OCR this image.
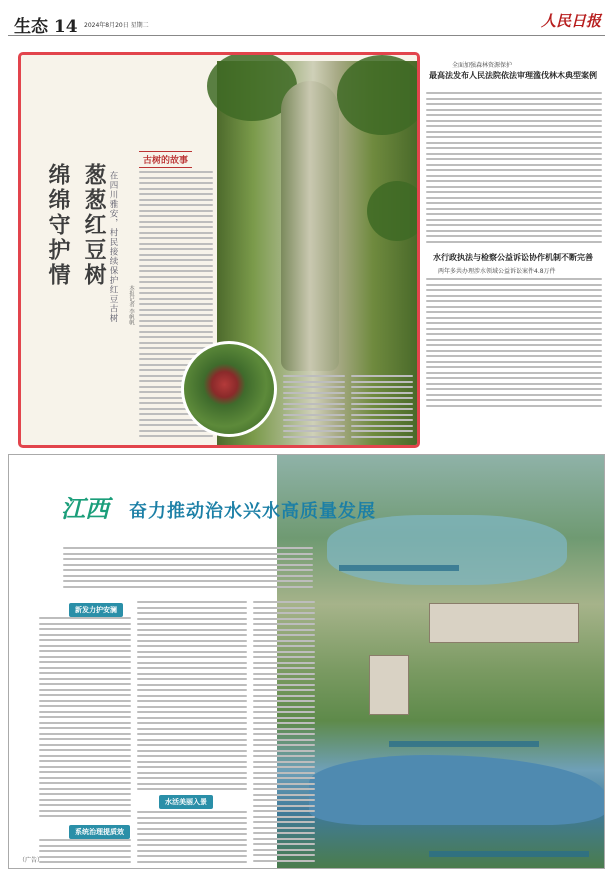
生态 14 2024年8月20日 星期二	人民日报
葱葱红豆树
绵绵守护情	在四川雅安，村民接续保护红豆古树 本报记者 李帆帆
古树的故事
全面加强森林资源保护
最高法发布人民法院依法审理滥伐林木典型案例
水行政执法与检察公益诉讼协作机制不断完善
两年多共办理涉水领域公益诉讼案件4.8万件
江西 奋力推动治水兴水高质量发展
新发力护安澜
系统治理提质效
水活美丽入景
（广告）
